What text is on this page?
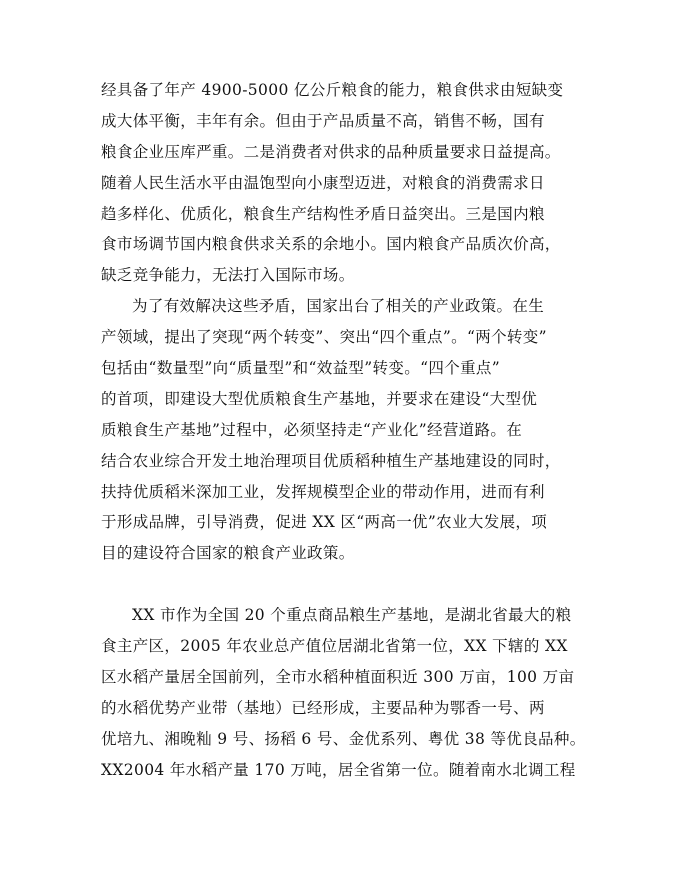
经具备了年产 4900-5000 亿公斤粮食的能力，粮食供求由短缺变
成大体平衡，丰年有余。但由于产品质量不高，销售不畅，国有
粮食企业压库严重。二是消费者对供求的品种质量要求日益提高。
随着人民生活水平由温饱型向小康型迈进，对粮食的消费需求日
趋多样化、优质化，粮食生产结构性矛盾日益突出。三是国内粮
食市场调节国内粮食供求关系的余地小。国内粮食产品质次价高，
缺乏竞争能力，无法打入国际市场。
为了有效解决这些矛盾，国家出台了相关的产业政策。在生
产领域，提出了突现“两个转变”、突出“四个重点”。“两个转变”
包括由“数量型”向“质量型”和“效益型”转变。“四个重点”
的首项，即建设大型优质粮食生产基地，并要求在建设“大型优
质粮食生产基地”过程中，必须坚持走“产业化”经营道路。在
结合农业综合开发土地治理项目优质稻种植生产基地建设的同时，
扶持优质稻米深加工业，发挥规模型企业的带动作用，进而有利
于形成品牌，引导消费，促进 XX 区“两高一优”农业大发展，项
目的建设符合国家的粮食产业政策。
XX 市作为全国 20 个重点商品粮生产基地，是湖北省最大的粮
食主产区，2005 年农业总产值位居湖北省第一位，XX 下辖的 XX
区水稻产量居全国前列，全市水稻种植面积近 300 万亩，100 万亩
的水稻优势产业带（基地）已经形成，主要品种为鄂香一号、两
优培九、湘晚籼 9 号、扬稻 6 号、金优系列、粤优 38 等优良品种。
XX2004 年水稻产量 170 万吨，居全省第一位。随着南水北调工程
